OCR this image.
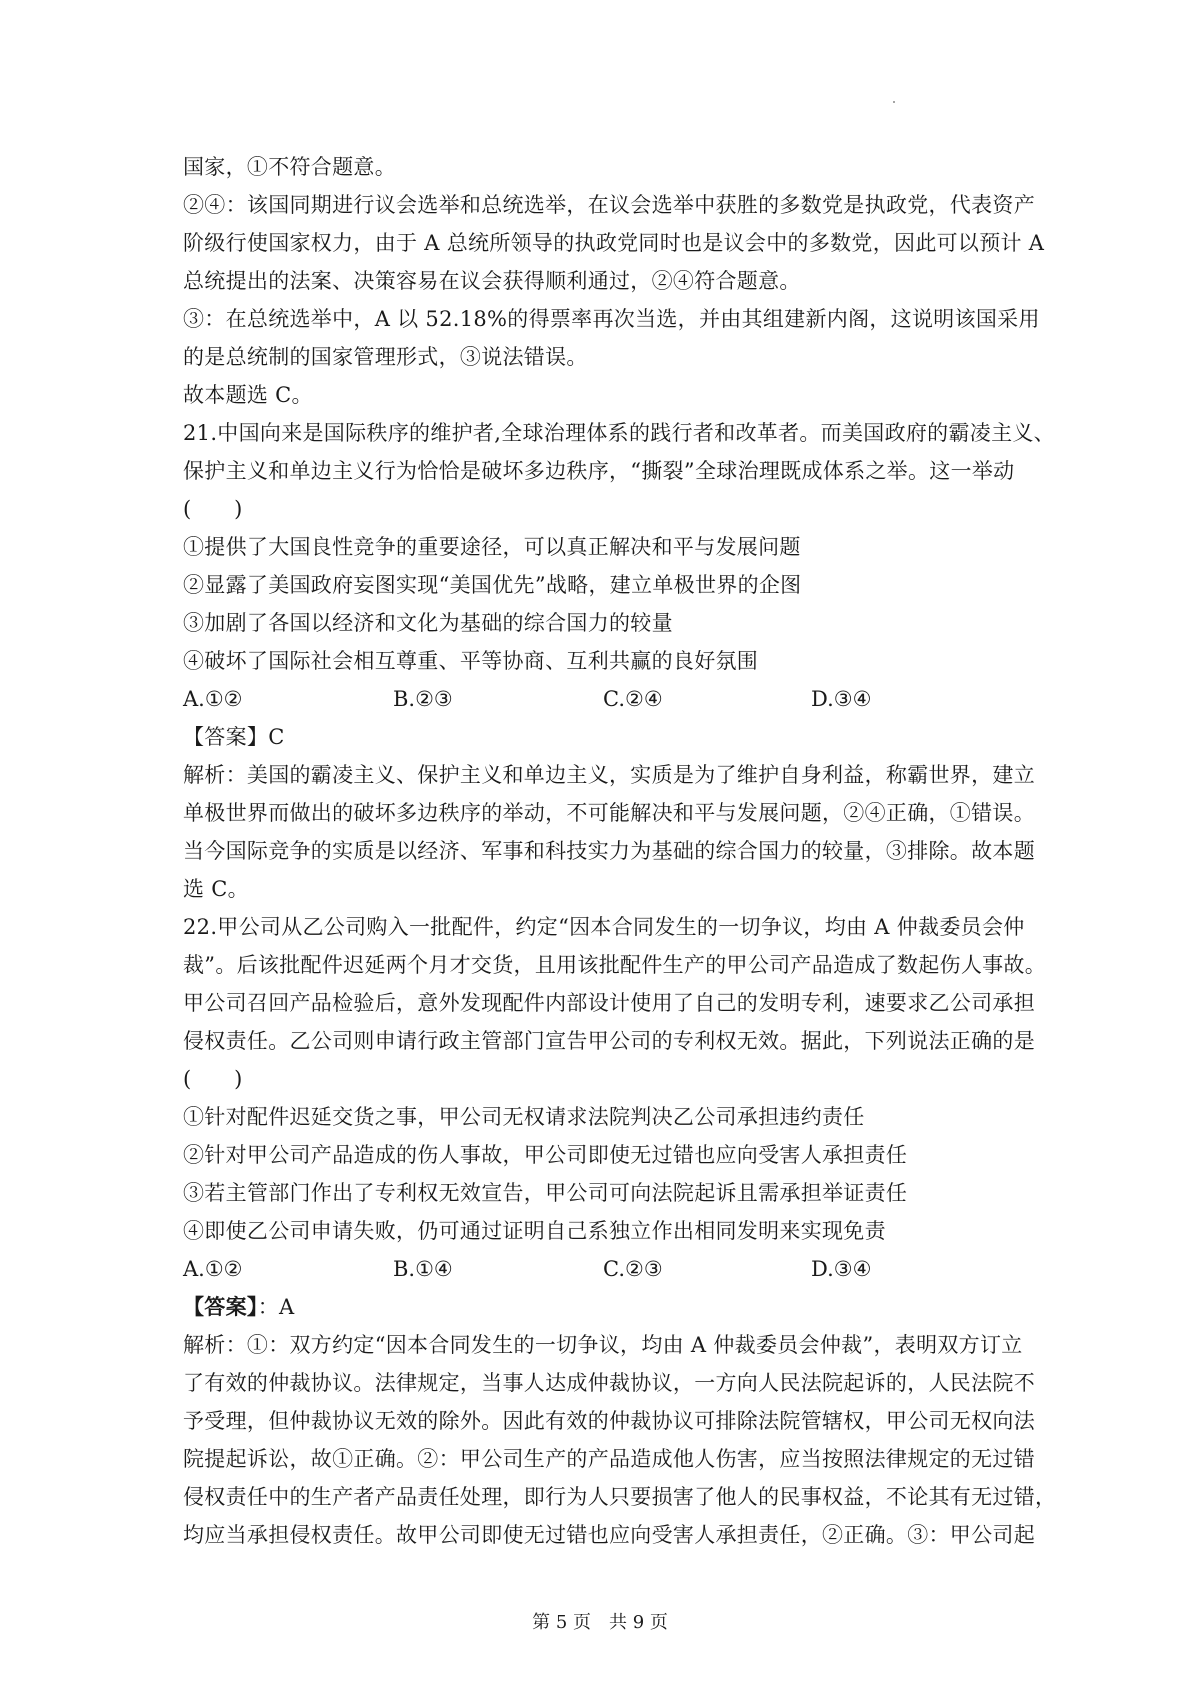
国家，①不符合题意。
②④：该国同期进行议会选举和总统选举，在议会选举中获胜的多数党是执政党，代表资产
阶级行使国家权力，由于 A 总统所领导的执政党同时也是议会中的多数党，因此可以预计 A
总统提出的法案、决策容易在议会获得顺利通过，②④符合题意。
③：在总统选举中，A 以 52.18%的得票率再次当选，并由其组建新内阁，这说明该国采用
的是总统制的国家管理形式，③说法错误。
故本题选 C。
21.中国向来是国际秩序的维护者,全球治理体系的践行者和改革者。而美国政府的霸凌主义、
保护主义和单边主义行为恰恰是破坏多边秩序，“撕裂”全球治理既成体系之举。这一举动
(　　)
①提供了大国良性竞争的重要途径，可以真正解决和平与发展问题
②显露了美国政府妄图实现“美国优先”战略，建立单极世界的企图
③加剧了各国以经济和文化为基础的综合国力的较量
④破坏了国际社会相互尊重、平等协商、互利共赢的良好氛围
A.①②	B.②③	C.②④	D.③④
【答案】C
解析：美国的霸凌主义、保护主义和单边主义，实质是为了维护自身利益，称霸世界，建立
单极世界而做出的破坏多边秩序的举动，不可能解决和平与发展问题，②④正确，①错误。
当今国际竞争的实质是以经济、军事和科技实力为基础的综合国力的较量，③排除。故本题
选 C。
22.甲公司从乙公司购入一批配件，约定“因本合同发生的一切争议，均由 A 仲裁委员会仲
裁”。后该批配件迟延两个月才交货，且用该批配件生产的甲公司产品造成了数起伤人事故。
甲公司召回产品检验后，意外发现配件内部设计使用了自己的发明专利，速要求乙公司承担
侵权责任。乙公司则申请行政主管部门宣告甲公司的专利权无效。据此，下列说法正确的是
(　　)
①针对配件迟延交货之事，甲公司无权请求法院判决乙公司承担违约责任
②针对甲公司产品造成的伤人事故，甲公司即使无过错也应向受害人承担责任
③若主管部门作出了专利权无效宣告，甲公司可向法院起诉且需承担举证责任
④即使乙公司申请失败，仍可通过证明自己系独立作出相同发明来实现免责
A.①②	B.①④	C.②③	D.③④
【答案】：A
解析：①：双方约定“因本合同发生的一切争议，均由 A 仲裁委员会仲裁”，表明双方订立
了有效的仲裁协议。法律规定，当事人达成仲裁协议，一方向人民法院起诉的，人民法院不
予受理，但仲裁协议无效的除外。因此有效的仲裁协议可排除法院管辖权，甲公司无权向法
院提起诉讼，故①正确。②：甲公司生产的产品造成他人伤害，应当按照法律规定的无过错
侵权责任中的生产者产品责任处理，即行为人只要损害了他人的民事权益，不论其有无过错，
均应当承担侵权责任。故甲公司即使无过错也应向受害人承担责任，②正确。③：甲公司起
第 5 页　共 9 页
